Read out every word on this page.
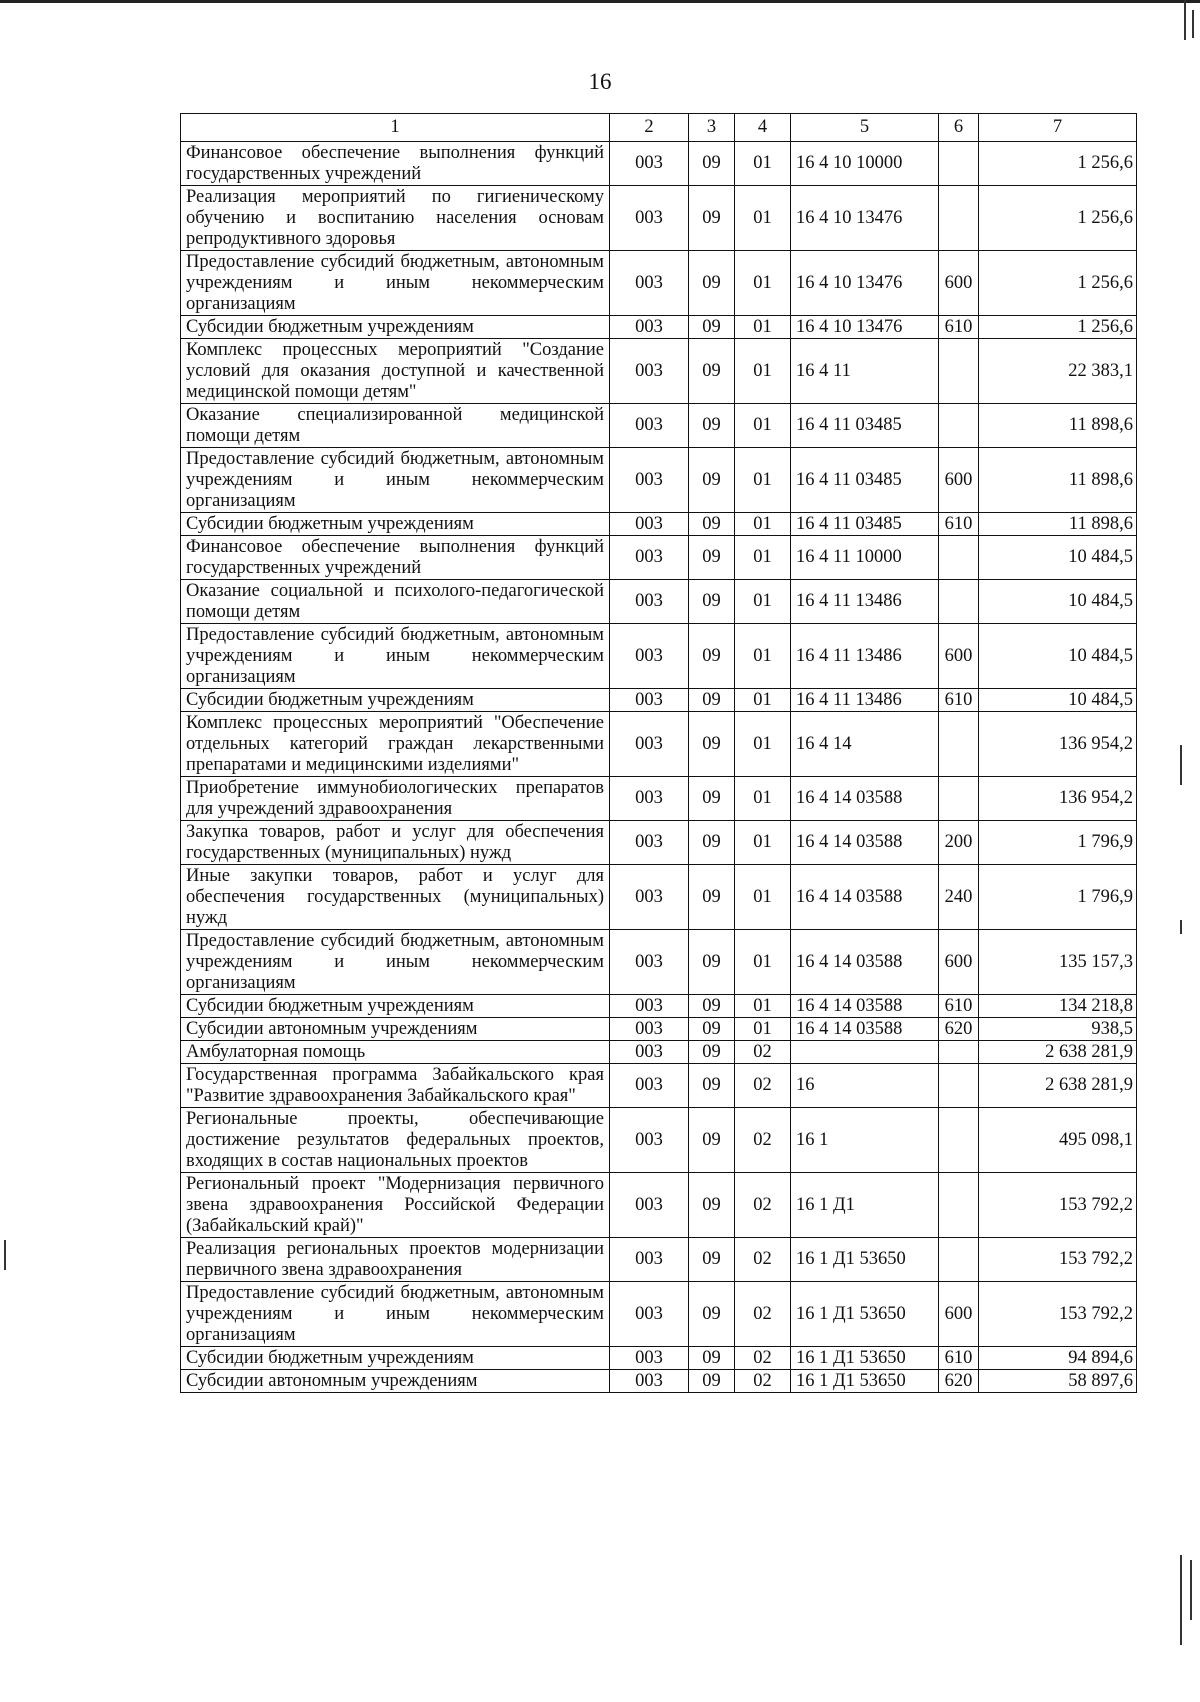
16
1	2	3	4	5	6	7
Финансовое обеспечение выполнения функций государственных учреждений	003	09	01	16 4 10 10000		1 256,6
Реализация мероприятий по гигиеническому обучению и воспитанию населения основам репродуктивного здоровья	003	09	01	16 4 10 13476		1 256,6
Предоставление субсидий бюджетным, автономным учреждениям и иным некоммерческим организациям	003	09	01	16 4 10 13476	600	1 256,6
Субсидии бюджетным учреждениям	003	09	01	16 4 10 13476	610	1 256,6
Комплекс процессных мероприятий "Создание условий для оказания доступной и качественной медицинской помощи детям"	003	09	01	16 4 11		22 383,1
Оказание специализированной медицинской помощи детям	003	09	01	16 4 11 03485		11 898,6
Предоставление субсидий бюджетным, автономным учреждениям и иным некоммерческим организациям	003	09	01	16 4 11 03485	600	11 898,6
Субсидии бюджетным учреждениям	003	09	01	16 4 11 03485	610	11 898,6
Финансовое обеспечение выполнения функций государственных учреждений	003	09	01	16 4 11 10000		10 484,5
Оказание социальной и психолого-педагогической помощи детям	003	09	01	16 4 11 13486		10 484,5
Предоставление субсидий бюджетным, автономным учреждениям и иным некоммерческим организациям	003	09	01	16 4 11 13486	600	10 484,5
Субсидии бюджетным учреждениям	003	09	01	16 4 11 13486	610	10 484,5
Комплекс процессных мероприятий "Обеспечение отдельных категорий граждан лекарственными препаратами и медицинскими изделиями"	003	09	01	16 4 14		136 954,2
Приобретение иммунобиологических препаратов для учреждений здравоохранения	003	09	01	16 4 14 03588		136 954,2
Закупка товаров, работ и услуг для обеспечения государственных (муниципальных) нужд	003	09	01	16 4 14 03588	200	1 796,9
Иные закупки товаров, работ и услуг для обеспечения государственных (муниципальных) нужд	003	09	01	16 4 14 03588	240	1 796,9
Предоставление субсидий бюджетным, автономным учреждениям и иным некоммерческим организациям	003	09	01	16 4 14 03588	600	135 157,3
Субсидии бюджетным учреждениям	003	09	01	16 4 14 03588	610	134 218,8
Субсидии автономным учреждениям	003	09	01	16 4 14 03588	620	938,5
Амбулаторная помощь	003	09	02			2 638 281,9
Государственная программа Забайкальского края "Развитие здравоохранения Забайкальского края"	003	09	02	16		2 638 281,9
Региональные проекты, обеспечивающие достижение результатов федеральных проектов, входящих в состав национальных проектов	003	09	02	16 1		495 098,1
Региональный проект "Модернизация первичного звена здравоохранения Российской Федерации (Забайкальский край)"	003	09	02	16 1 Д1		153 792,2
Реализация региональных проектов модернизации первичного звена здравоохранения	003	09	02	16 1 Д1 53650		153 792,2
Предоставление субсидий бюджетным, автономным учреждениям и иным некоммерческим организациям	003	09	02	16 1 Д1 53650	600	153 792,2
Субсидии бюджетным учреждениям	003	09	02	16 1 Д1 53650	610	94 894,6
Субсидии автономным учреждениям	003	09	02	16 1 Д1 53650	620	58 897,6
